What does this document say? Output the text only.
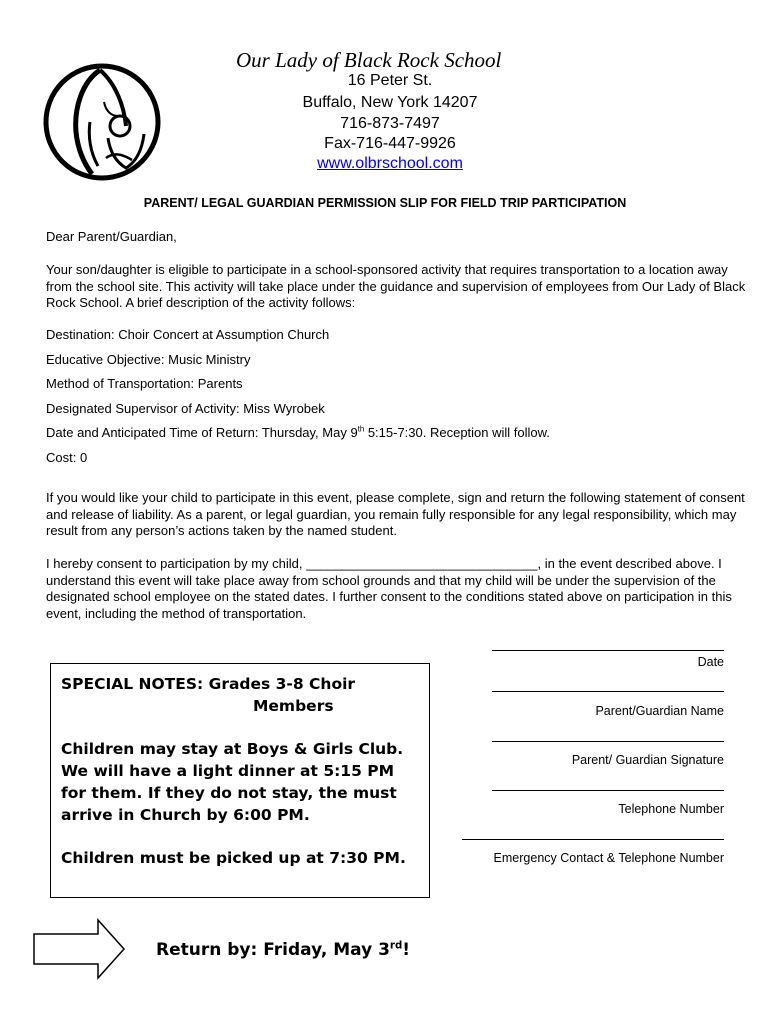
Our Lady of Black Rock School
16 Peter St.
Buffalo, New York 14207
716-873-7497
Fax-716-447-9926
www.olbrschool.com
PARENT/ LEGAL GUARDIAN PERMISSION SLIP FOR FIELD TRIP PARTICIPATION
Dear Parent/Guardian,
Your son/daughter is eligible to participate in a school-sponsored activity that requires transportation to a location away from the school site. This activity will take place under the guidance and supervision of employees from Our Lady of Black Rock School. A brief description of the activity follows:
Destination: Choir Concert at Assumption Church
Educative Objective: Music Ministry
Method of Transportation: Parents
Designated Supervisor of Activity: Miss Wyrobek
Date and Anticipated Time of Return: Thursday, May 9th 5:15-7:30. Reception will follow.
Cost: 0
If you would like your child to participate in this event, please complete, sign and return the following statement of consent and release of liability. As a parent, or legal guardian, you remain fully responsible for any legal responsibility, which may result from any person’s actions taken by the named student.
I hereby consent to participation by my child, ________________________________, in the event described above. I understand this event will take place away from school grounds and that my child will be under the supervision of the designated school employee on the stated dates. I further consent to the conditions stated above on participation in this event, including the method of transportation.
SPECIAL NOTES: Grades 3-8 Choir
Members
Children may stay at Boys & Girls Club.
We will have a light dinner at 5:15 PM
for them. If they do not stay, the must
arrive in Church by 6:00 PM.
Children must be picked up at 7:30 PM.
Date
Parent/Guardian Name
Parent/ Guardian Signature
Telephone Number
Emergency Contact & Telephone Number
Return by: Friday, May 3rd!
